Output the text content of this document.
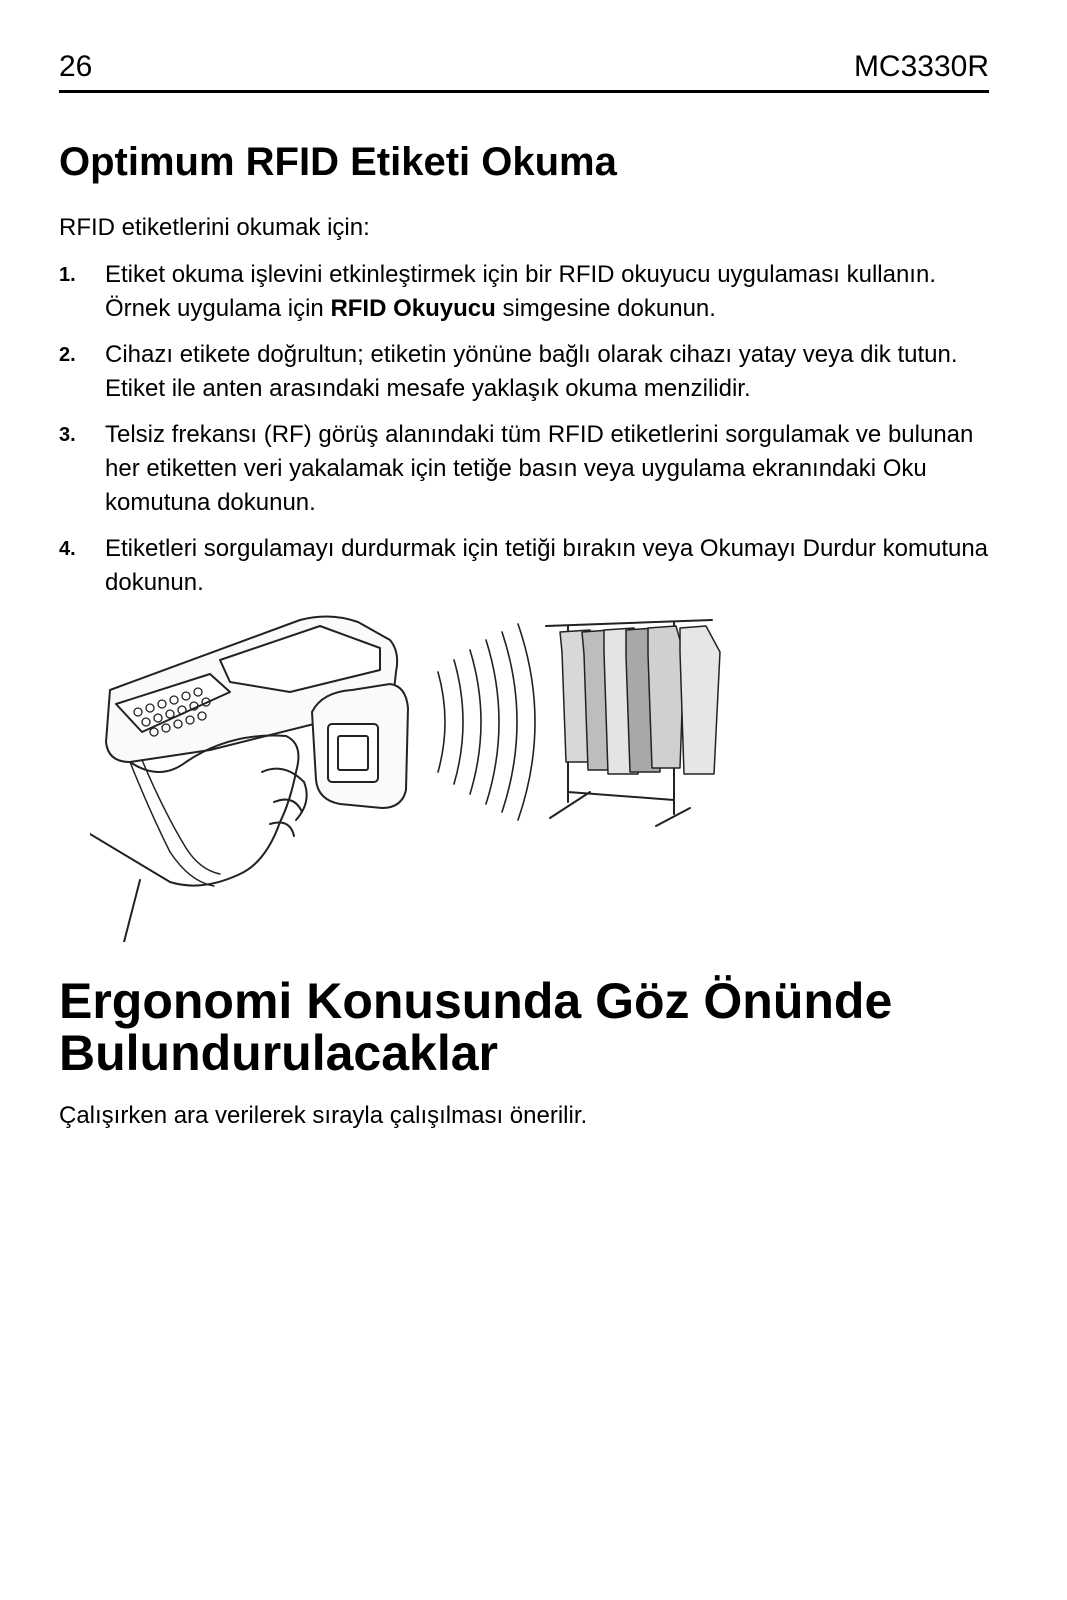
26	MC3330R
Optimum RFID Etiketi Okuma

RFID etiketlerini okumak için:

1. Etiket okuma işlevini etkinleştirmek için bir RFID okuyucu uygulaması kullanın. Örnek uygulama için RFID Okuyucu simgesine dokunun.
2. Cihazı etikete doğrultun; etiketin yönüne bağlı olarak cihazı yatay veya dik tutun. Etiket ile anten arasındaki mesafe yaklaşık okuma menzilidir.
3. Telsiz frekansı (RF) görüş alanındaki tüm RFID etiketlerini sorgulamak ve bulunan her etiketten veri yakalamak için tetiğe basın veya uygulama ekranındaki Oku komutuna dokunun.
4. Etiketleri sorgulamayı durdurmak için tetiği bırakın veya Okumayı Durdur komutuna dokunun.
Ergonomi Konusunda Göz Önünde Bulundurulacaklar

Çalışırken ara verilerek sırayla çalışılması önerilir.
